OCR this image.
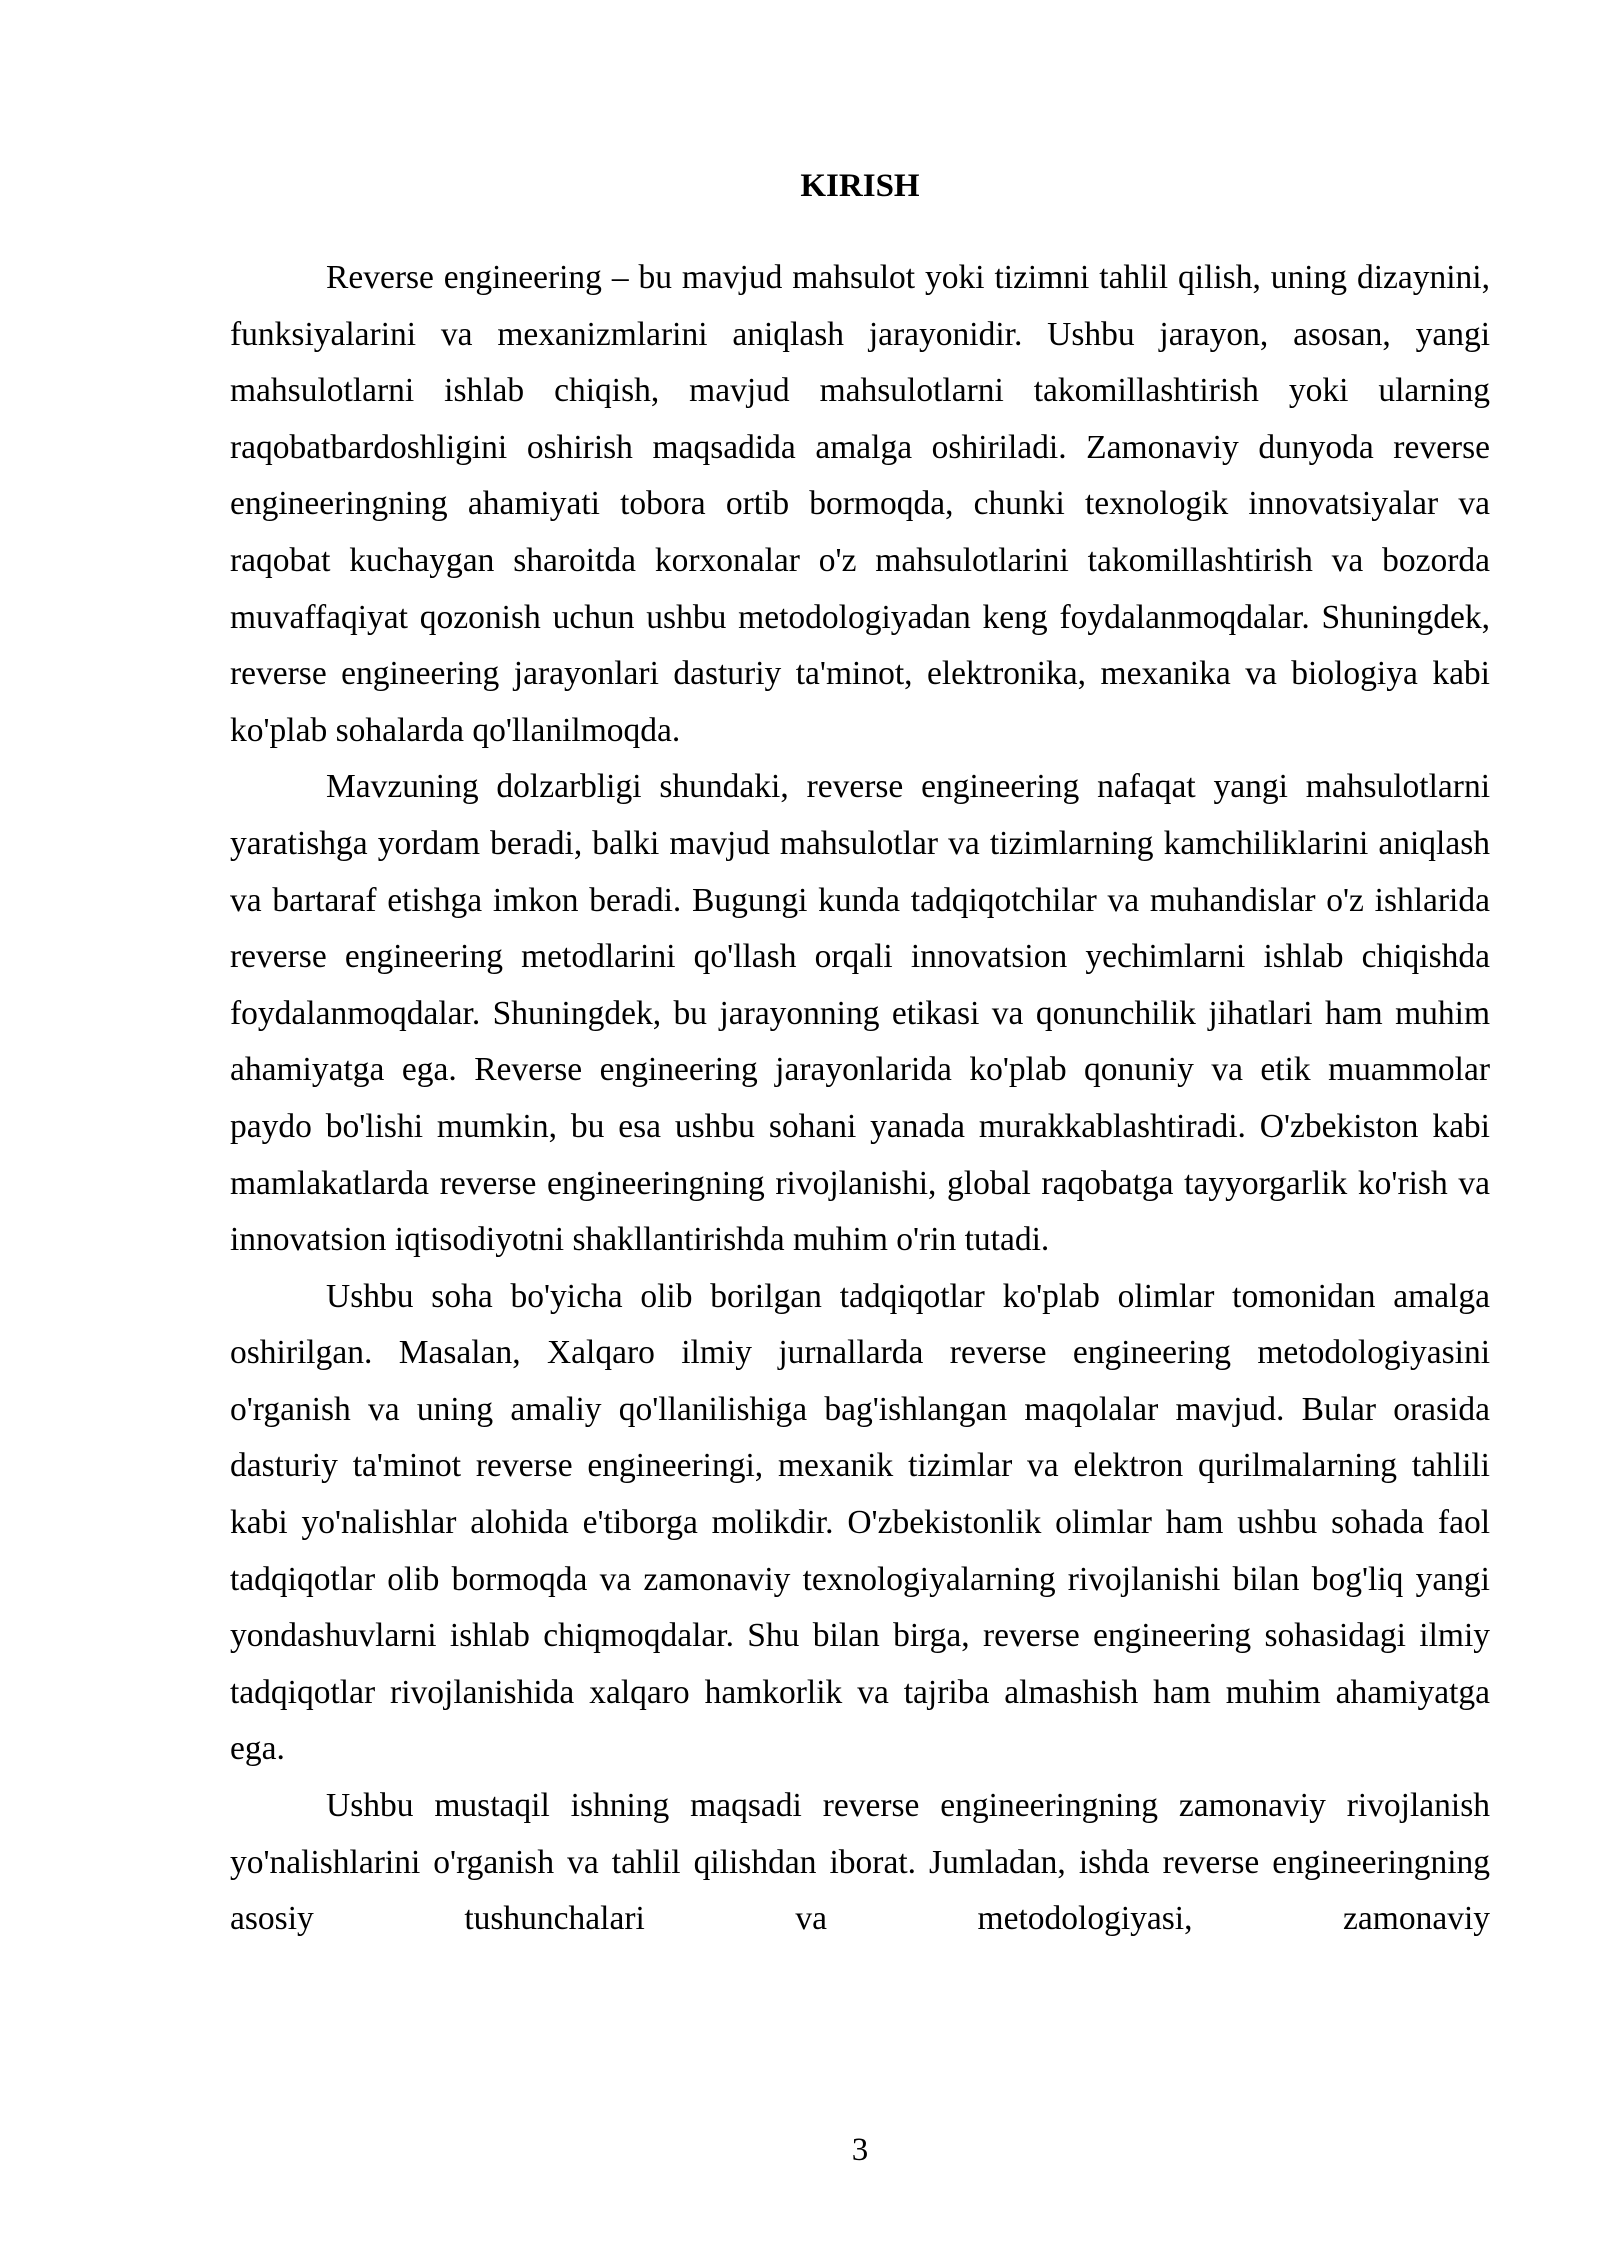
KIRISH

Reverse engineering – bu mavjud mahsulot yoki tizimni tahlil qilish, uning dizaynini, funksiyalarini va mexanizmlarini aniqlash jarayonidir. Ushbu jarayon, asosan, yangi mahsulotlarni ishlab chiqish, mavjud mahsulotlarni takomillashtirish yoki ularning raqobatbardoshligini oshirish maqsadida amalga oshiriladi. Zamonaviy dunyoda reverse engineeringning ahamiyati tobora ortib bormoqda, chunki texnologik innovatsiyalar va raqobat kuchaygan sharoitda korxonalar o'z mahsulotlarini takomillashtirish va bozorda muvaffaqiyat qozonish uchun ushbu metodologiyadan keng foydalanmoqdalar. Shuningdek, reverse engineering jarayonlari dasturiy ta'minot, elektronika, mexanika va biologiya kabi ko'plab sohalarda qo'llanilmoqda.

Mavzuning dolzarbligi shundaki, reverse engineering nafaqat yangi mahsulotlarni yaratishga yordam beradi, balki mavjud mahsulotlar va tizimlarning kamchiliklarini aniqlash va bartaraf etishga imkon beradi. Bugungi kunda tadqiqotchilar va muhandislar o'z ishlarida reverse engineering metodlarini qo'llash orqali innovatsion yechimlarni ishlab chiqishda foydalanmoqdalar. Shuningdek, bu jarayonning etikasi va qonunchilik jihatlari ham muhim ahamiyatga ega. Reverse engineering jarayonlarida ko'plab qonuniy va etik muammolar paydo bo'lishi mumkin, bu esa ushbu sohani yanada murakkablashtiradi. O'zbekiston kabi mamlakatlarda reverse engineeringning rivojlanishi, global raqobatga tayyorgarlik ko'rish va innovatsion iqtisodiyotni shakllantirishda muhim o'rin tutadi.

Ushbu soha bo'yicha olib borilgan tadqiqotlar ko'plab olimlar tomonidan amalga oshirilgan. Masalan, Xalqaro ilmiy jurnallarda reverse engineering metodologiyasini o'rganish va uning amaliy qo'llanilishiga bag'ishlangan maqolalar mavjud. Bular orasida dasturiy ta'minot reverse engineeringi, mexanik tizimlar va elektron qurilmalarning tahlili kabi yo'nalishlar alohida e'tiborga molikdir. O'zbekistonlik olimlar ham ushbu sohada faol tadqiqotlar olib bormoqda va zamonaviy texnologiyalarning rivojlanishi bilan bog'liq yangi yondashuvlarni ishlab chiqmoqdalar. Shu bilan birga, reverse engineering sohasidagi ilmiy tadqiqotlar rivojlanishida xalqaro hamkorlik va tajriba almashish ham muhim ahamiyatga ega.

Ushbu mustaqil ishning maqsadi reverse engineeringning zamonaviy rivojlanish yo'nalishlarini o'rganish va tahlil qilishdan iborat. Jumladan, ishda reverse engineeringning asosiy tushunchalari va metodologiyasi, zamonaviy

3
